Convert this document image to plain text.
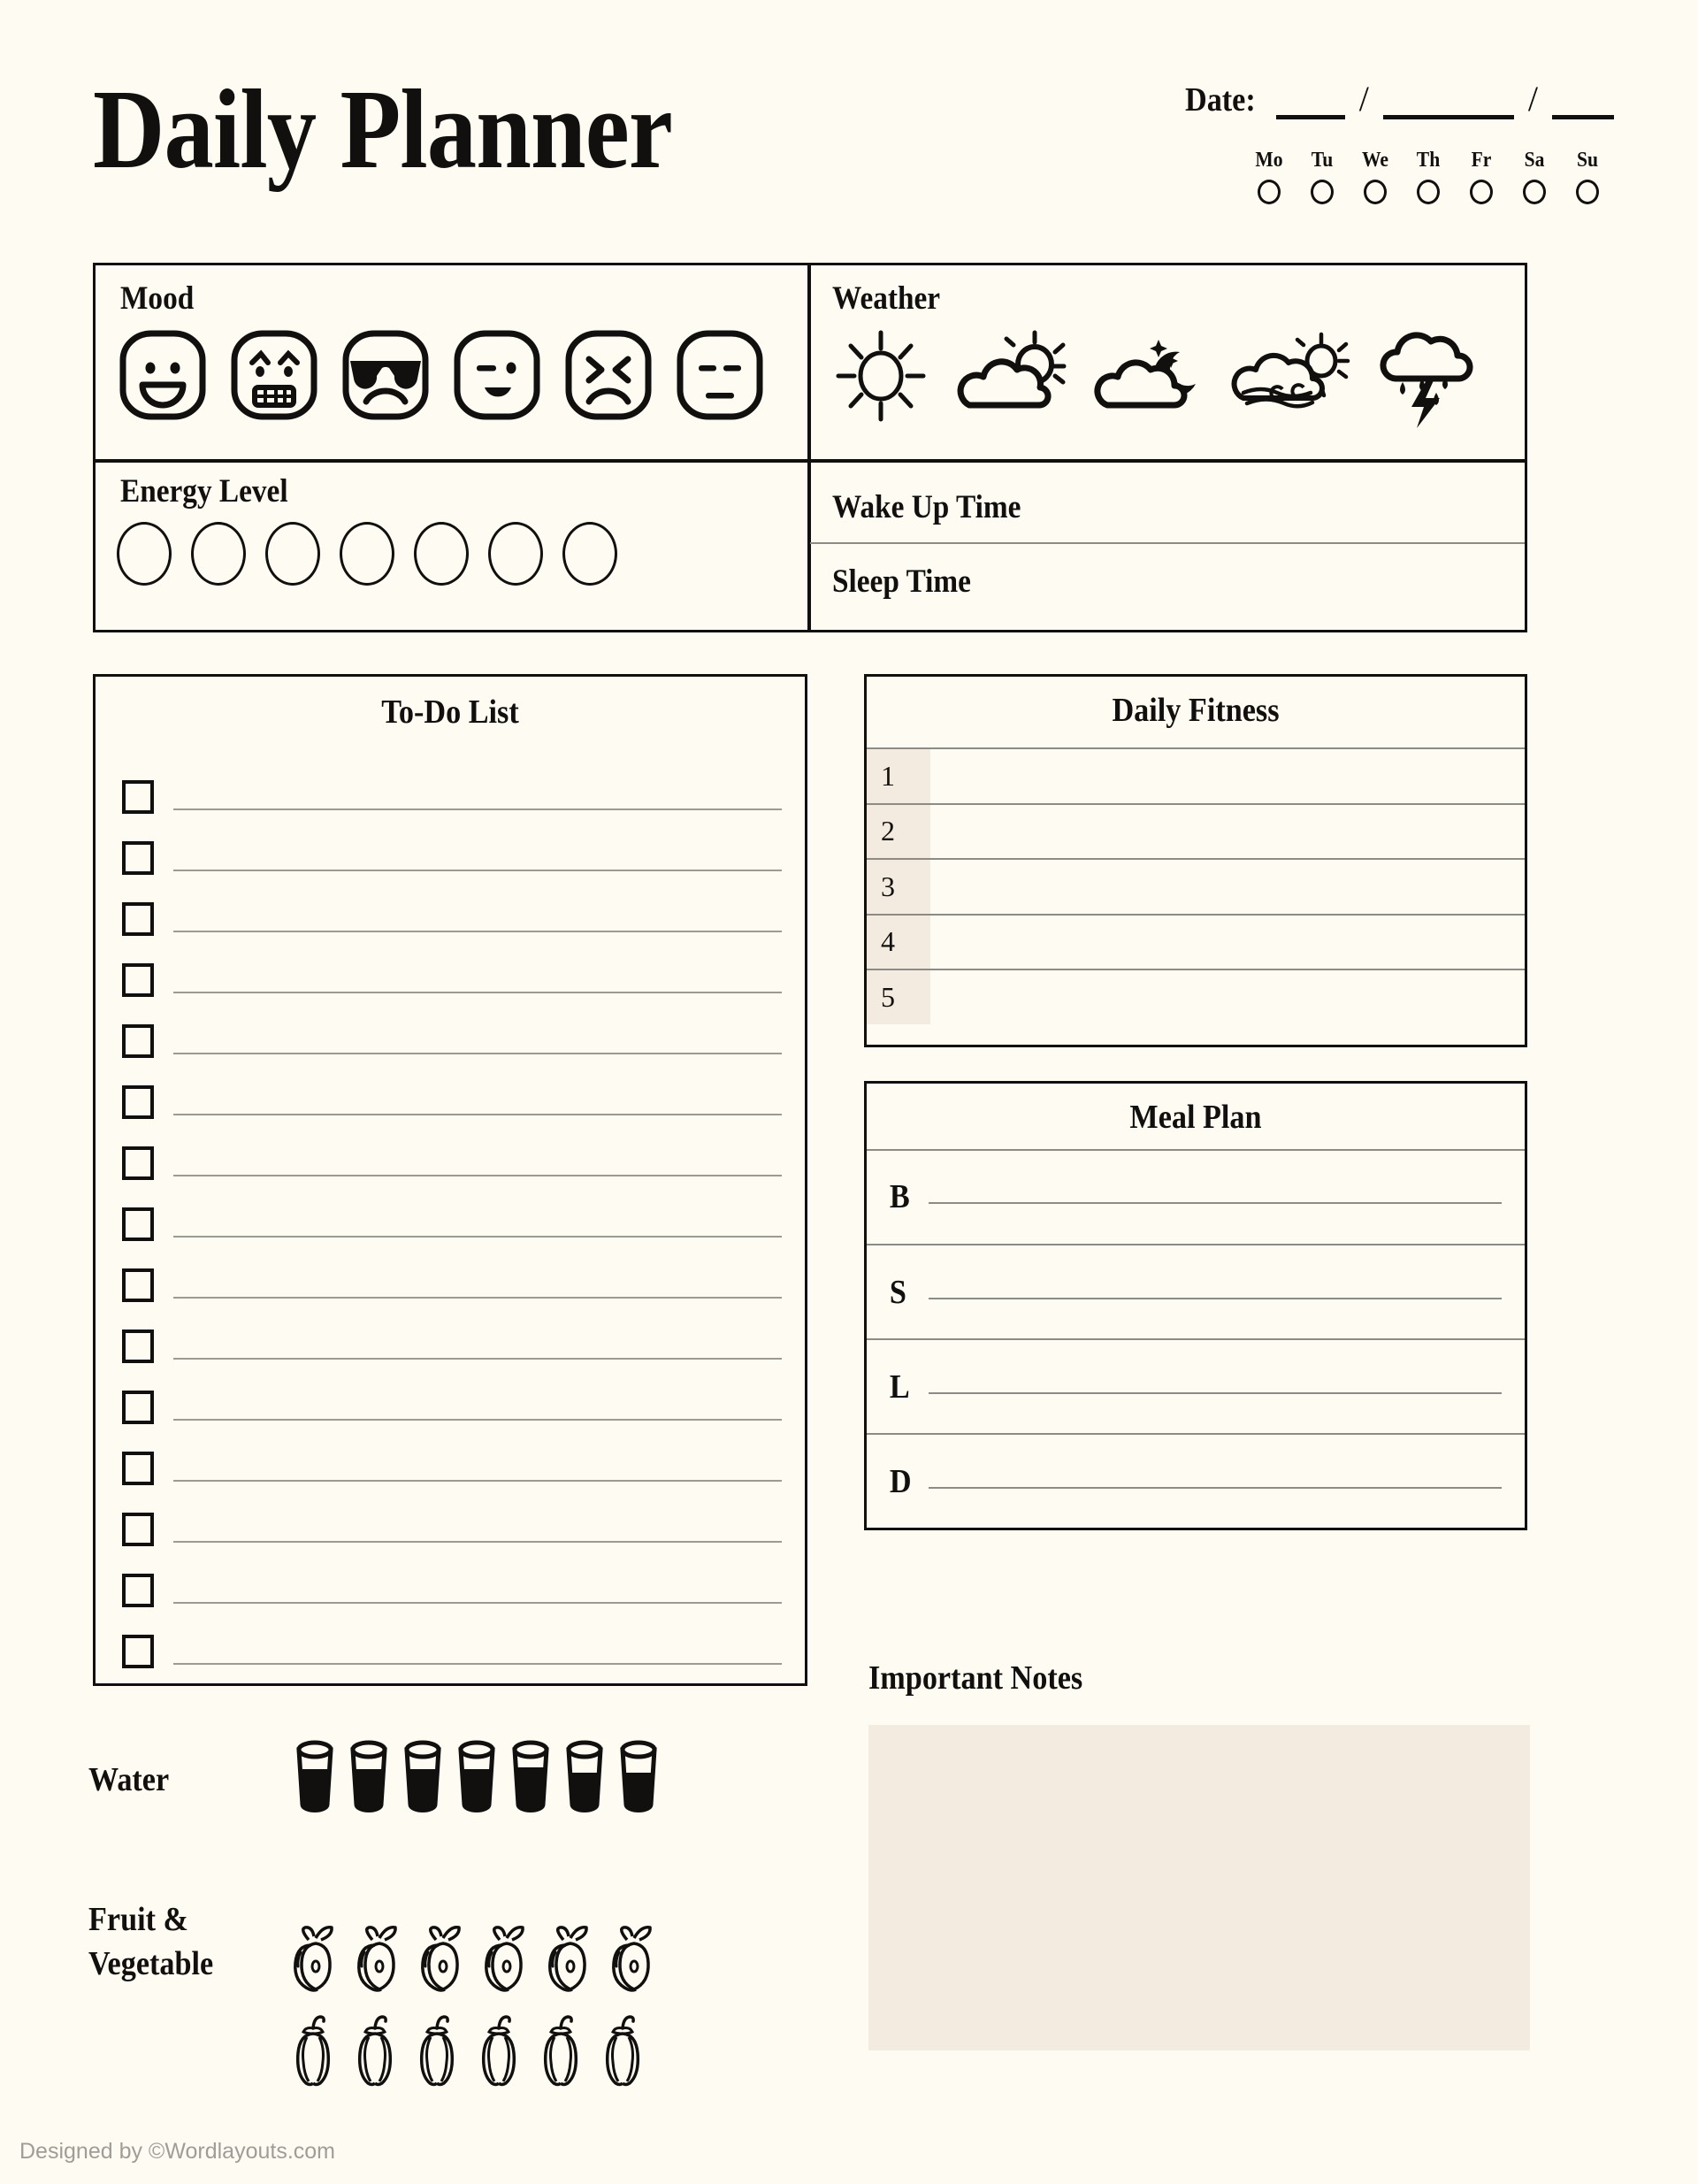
Daily Planner	Date:	/	/
Mo	Tu	We	Th	Fr	Sa	Su
Mood	Weather
Energy Level	Wake Up Time
Sleep Time
To-Do List	Daily Fitness
1
2
3
4
5
Meal Plan
B
S
L
D
Important Notes
Water
Fruit &
Vegetable
Designed by ©Wordlayouts.com
